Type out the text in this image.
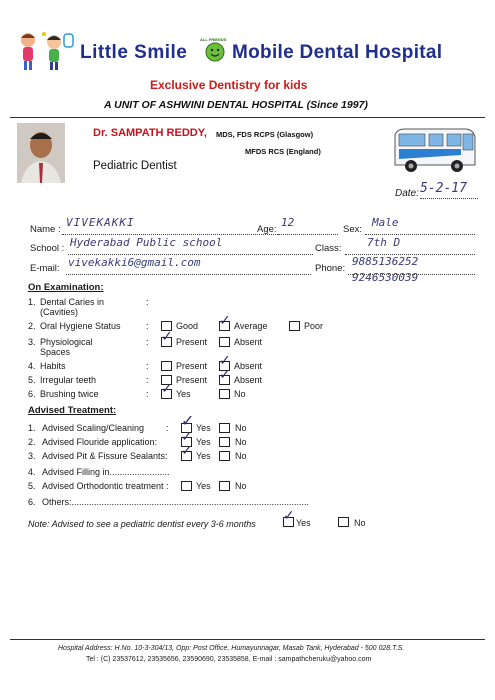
Little Smile
ALL FRIENDS
Mobile Dental Hospital
Exclusive Dentistry for kids
A UNIT OF ASHWINI DENTAL HOSPITAL (Since 1997)
Dr. SAMPATH REDDY, MDS, FDS RCPS (Glasgow)
MFDS RCS (England)
Pediatric Dentist
Date: 5-2-17
Name :
VIVEKAKKI
Age:
12
Sex:
Male
School : Hyderabad Public school	Class: 7th D
E-mail: vivekakki6@gmail.com	Phone:
9885136252
9246530039
On Examination:
1. Dental Caries in
(Cavities)
:
2. Oral Hygiene Status	:	Good ✓ Average	Poor
3. Physiological
Spaces
: ✓ Present	Absent
4. Habits	:	Present ✓ Absent
5. Irregular teeth	:	Present ✓ Absent
6. Brushing twice	: ✓ Yes	No
Advised Treatment:
1. Advised Scaling/Cleaning : ✓ Yes	No
2. Advised Flouride application: ✓ Yes	No
3. Advised Pit & Fissure Sealants: ✓ Yes	No
4. Advised Filling in........................
5. Advised Orthodontic treatment :	Yes	No
6. Others:...............................................................................................
Note: Advised to see a pediatric dentist every 3-6 months ✓ Yes	No
Hospital Address: H.No. 10-3-304/13, Opp: Post Office, Humayunnagar, Masab Tank, Hyderabad - 500 028.T.S.
Tel : (C) 23537612, 23535656, 23590690, 23535858, E-mail : sampathcheruku@yahoo.com
